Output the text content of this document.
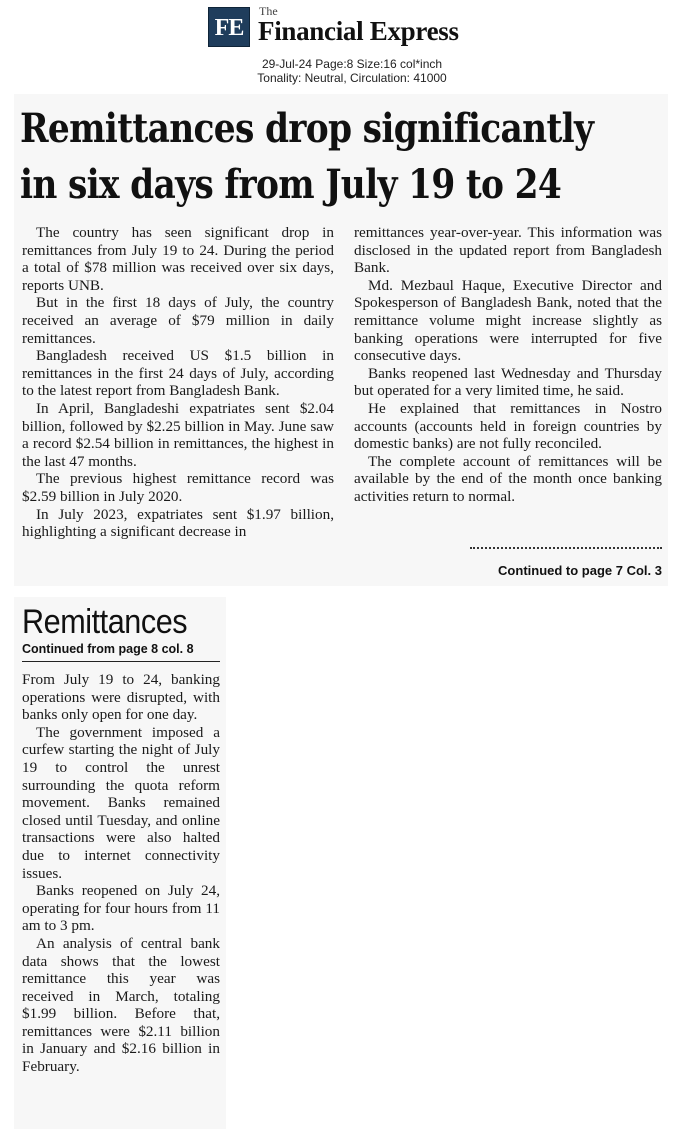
FE
The
Financial Express
29-Jul-24 Page:8 Size:16 col*inch
Tonality: Neutral, Circulation: 41000
Remittances drop significantly
in six days from July 19 to 24

The country has seen significant drop in remittances from July 19 to 24. During the period a total of $78 million was received over six days, reports UNB.

But in the first 18 days of July, the country received an average of $79 million in daily remittances.

Bangladesh received US $1.5 billion in remittances in the first 24 days of July, according to the latest report from Bangladesh Bank.

In April, Bangladeshi expatriates sent $2.04 billion, followed by $2.25 billion in May. June saw a record $2.54 billion in remittances, the highest in the last 47 months.

The previous highest remittance record was $2.59 billion in July 2020.

In July 2023, expatriates sent $1.97 billion, highlighting a significant decrease in

remittances year-over-year. This information was disclosed in the updated report from Bangladesh Bank.

Md. Mezbaul Haque, Executive Director and Spokesperson of Bangladesh Bank, noted that the remittance volume might increase slightly as banking operations were interrupted for five consecutive days.

Banks reopened last Wednesday and Thursday but operated for a very limited time, he said.

He explained that remittances in Nostro accounts (accounts held in foreign countries by domestic banks) are not fully reconciled.

The complete account of remittances will be available by the end of the month once banking activities return to normal.

Continued to page 7 Col. 3
Remittances
Continued from page 8 col. 8

From July 19 to 24, banking operations were disrupted, with banks only open for one day.

The government imposed a curfew starting the night of July 19 to control the unrest surrounding the quota reform movement. Banks remained closed until Tuesday, and online transactions were also halted due to internet connectivity issues.

Banks reopened on July 24, operating for four hours from 11 am to 3 pm.

An analysis of central bank data shows that the lowest remittance this year was received in March, totaling $1.99 billion. Before that, remittances were $2.11 billion in January and $2.16 billion in February.
